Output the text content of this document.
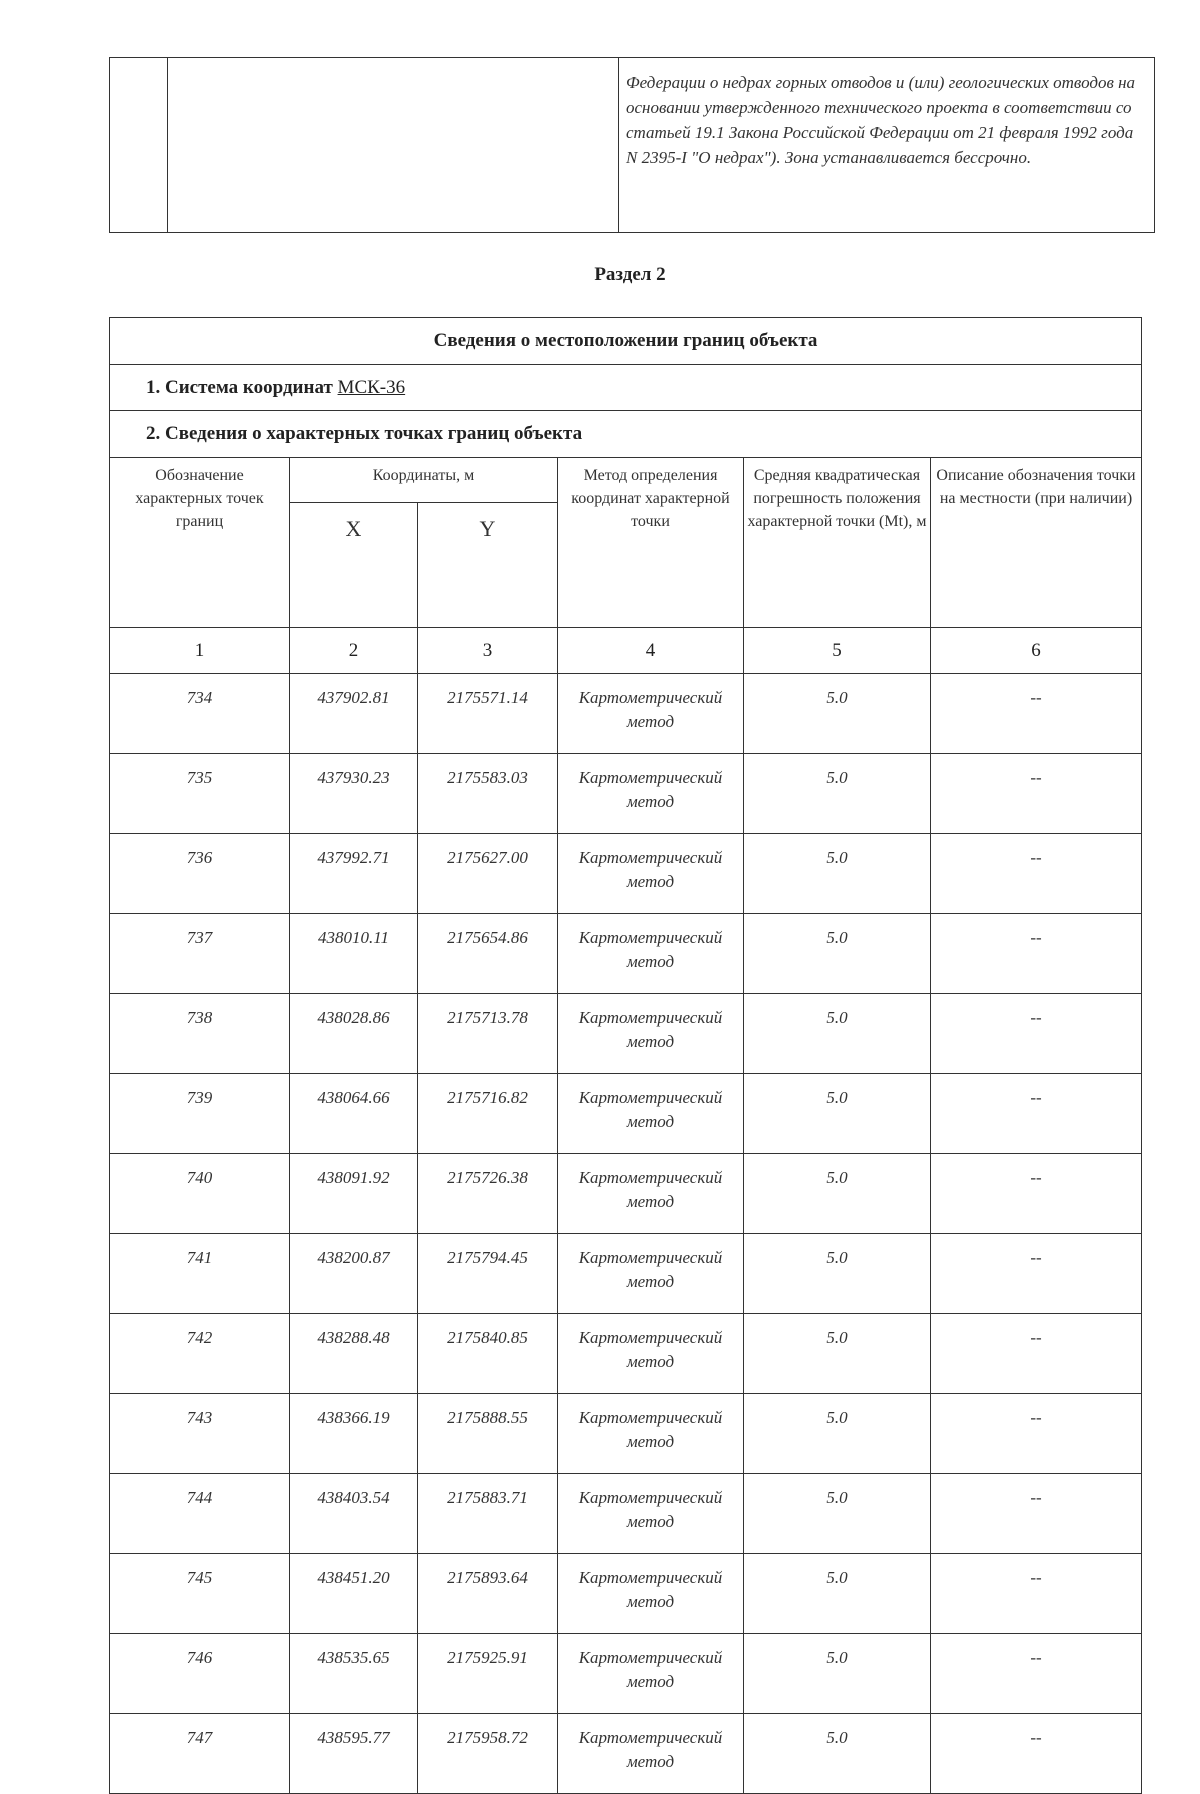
		Федерации о недрах горных отводов и (или) геологических отводов на основании утвержденного технического проекта в соответствии со статьей 19.1 Закона Российской Федерации от 21 февраля 1992 года N 2395-I "О недрах"). Зона устанавливается бессрочно.
Раздел 2
Сведения о местоположении границ объекта					
1. Система координат МСК-36					
2. Сведения о характерных точках границ объекта					
Обозначение характерных точек границ	Координаты, м		Метод определения координат характерной точки	Средняя квадратическая погрешность положения характерной точки (Mt), м	Описание обозначения точки на местности (при наличии)
	X	Y			
1	2	3	4	5	6
734	437902.81	2175571.14	Картометрический метод	5.0	--
735	437930.23	2175583.03	Картометрический метод	5.0	--
736	437992.71	2175627.00	Картометрический метод	5.0	--
737	438010.11	2175654.86	Картометрический метод	5.0	--
738	438028.86	2175713.78	Картометрический метод	5.0	--
739	438064.66	2175716.82	Картометрический метод	5.0	--
740	438091.92	2175726.38	Картометрический метод	5.0	--
741	438200.87	2175794.45	Картометрический метод	5.0	--
742	438288.48	2175840.85	Картометрический метод	5.0	--
743	438366.19	2175888.55	Картометрический метод	5.0	--
744	438403.54	2175883.71	Картометрический метод	5.0	--
745	438451.20	2175893.64	Картометрический метод	5.0	--
746	438535.65	2175925.91	Картометрический метод	5.0	--
747	438595.77	2175958.72	Картометрический метод	5.0	--
